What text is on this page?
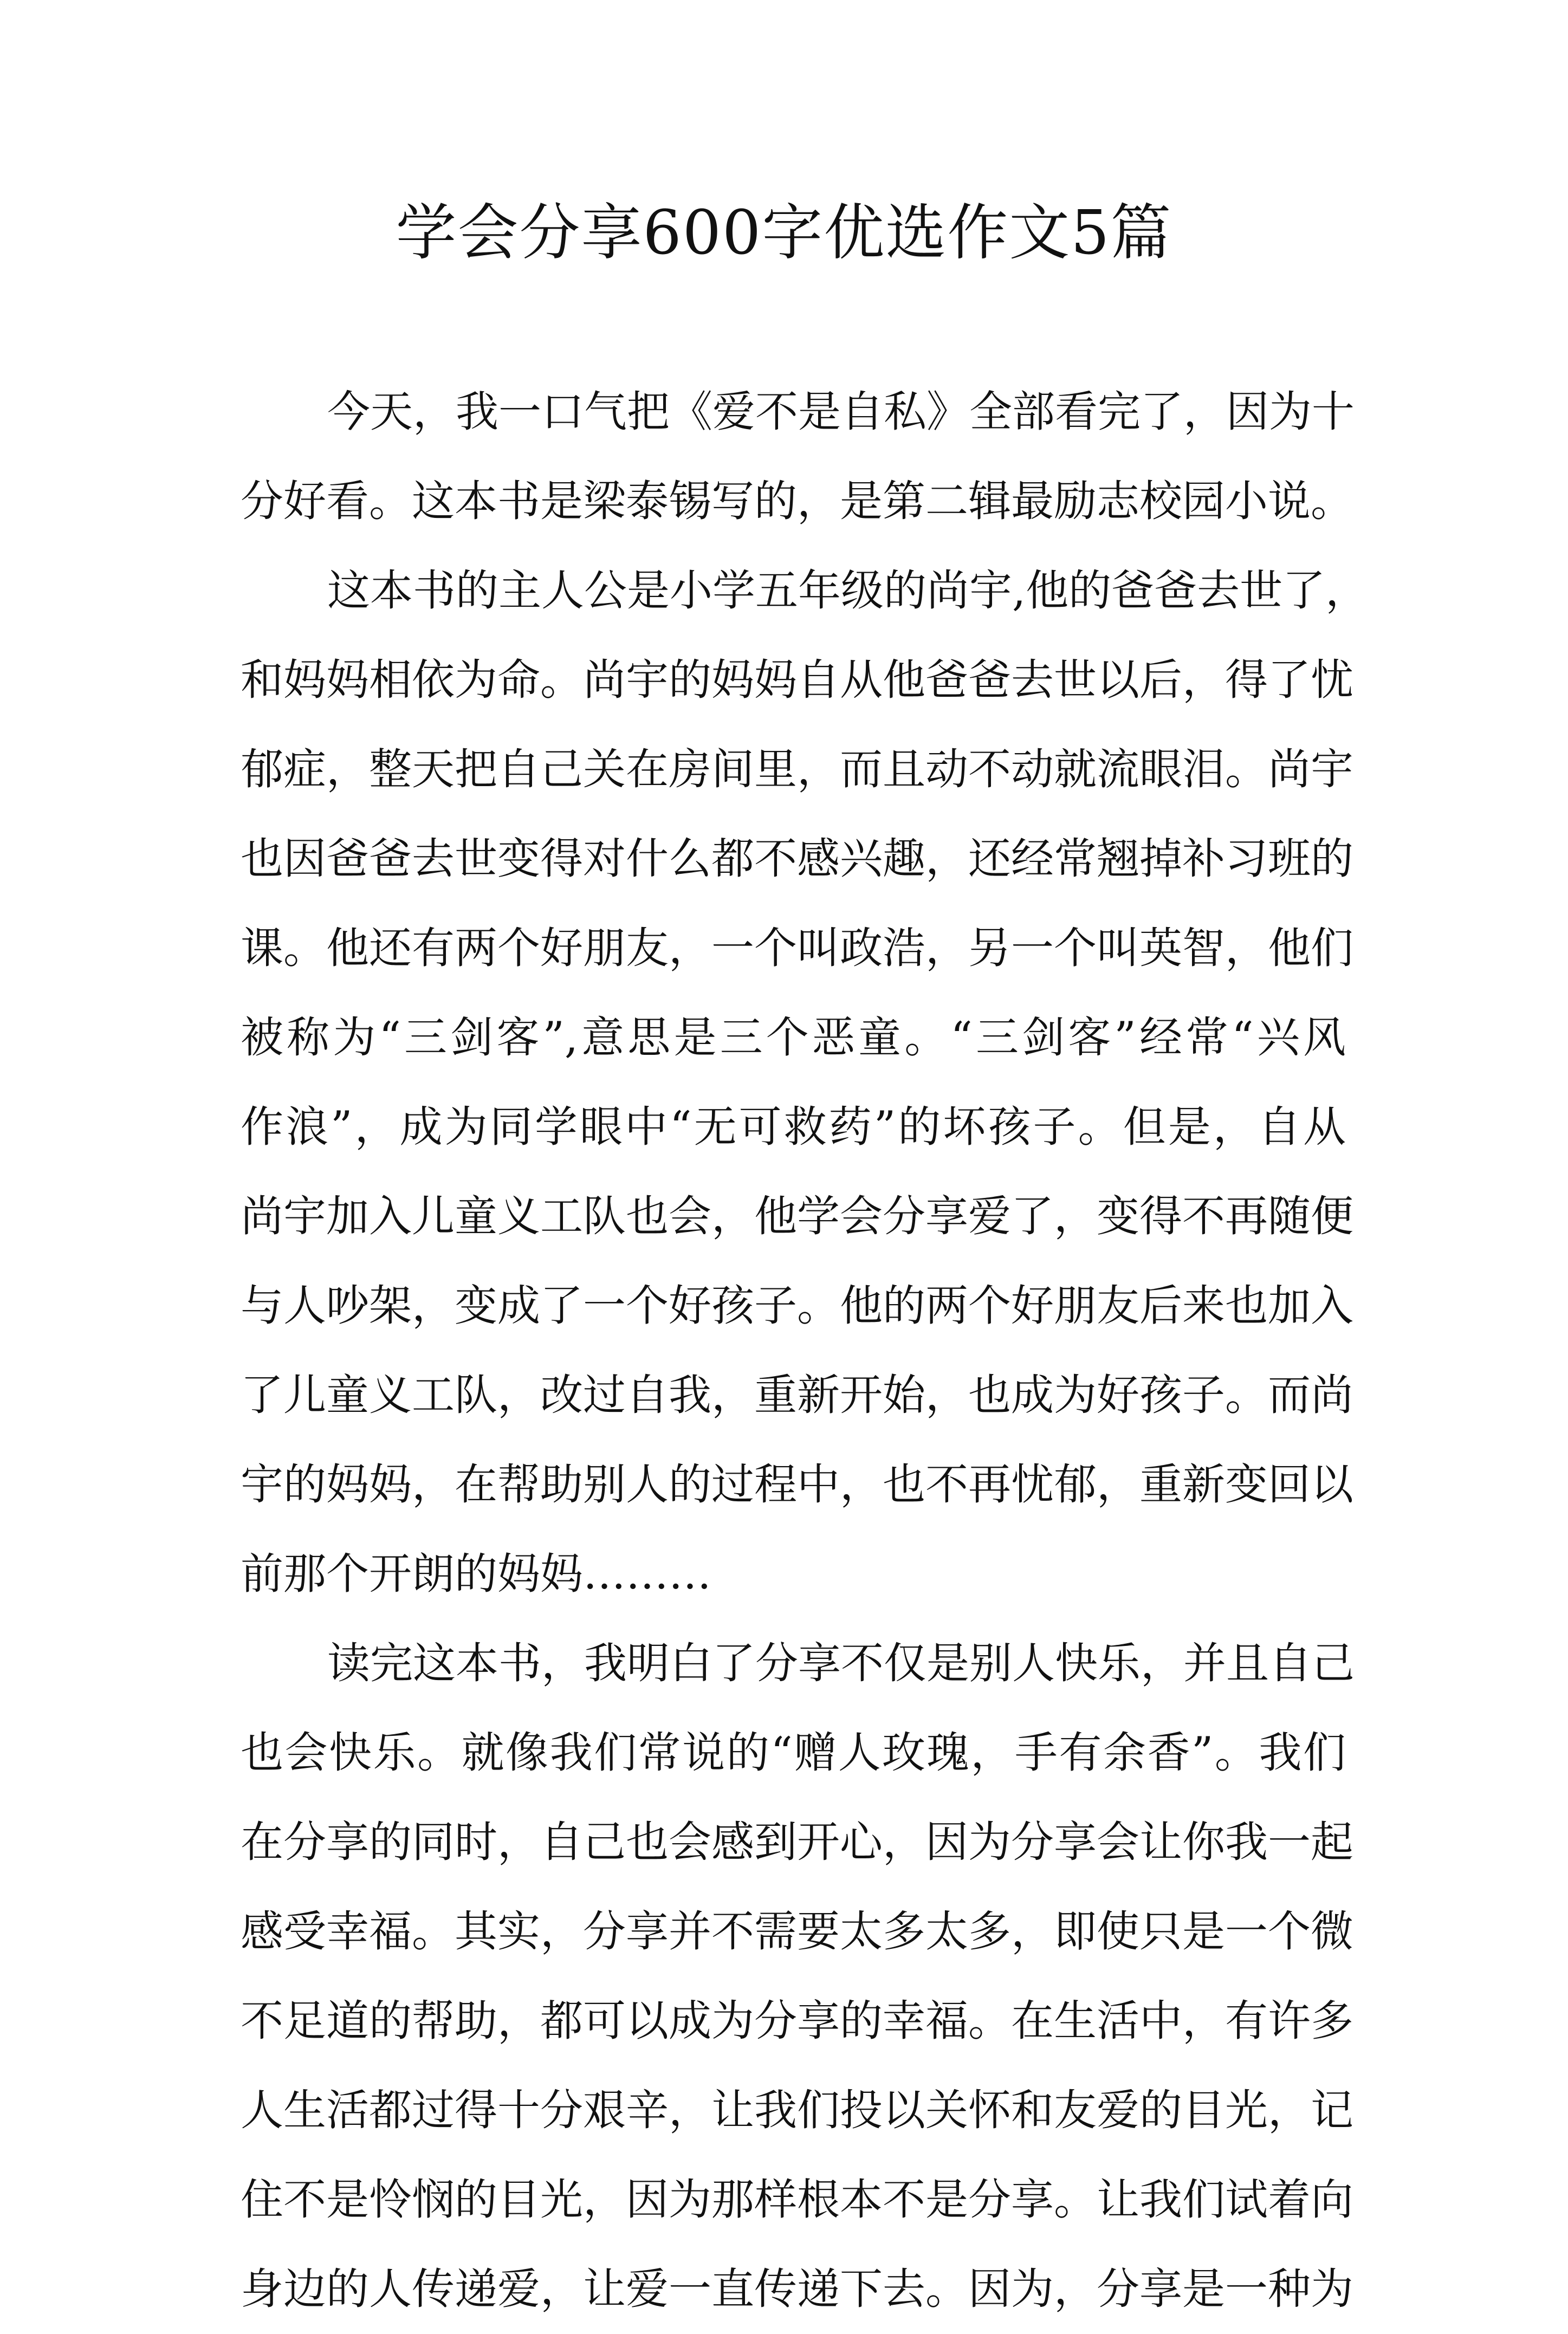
学会分享600字优选作文5篇
今天，我一口气把《爱不是自私》全部看完了，因为十
分好看。这本书是梁泰锡写的，是第二辑最励志校园小说。
这本书的主人公是小学五年级的尚宇,他的爸爸去世了，
和妈妈相依为命。尚宇的妈妈自从他爸爸去世以后，得了忧
郁症，整天把自己关在房间里，而且动不动就流眼泪。尚宇
也因爸爸去世变得对什么都不感兴趣，还经常翘掉补习班的
课。他还有两个好朋友，一个叫政浩，另一个叫英智，他们
被称为“三剑客”,意思是三个恶童。“三剑客”经常“兴风
作浪”，成为同学眼中“无可救药”的坏孩子。但是，自从
尚宇加入儿童义工队也会，他学会分享爱了，变得不再随便
与人吵架，变成了一个好孩子。他的两个好朋友后来也加入
了儿童义工队，改过自我，重新开始，也成为好孩子。而尚
宇的妈妈，在帮助别人的过程中，也不再忧郁，重新变回以
前那个开朗的妈妈………
读完这本书，我明白了分享不仅是别人快乐，并且自己
也会快乐。就像我们常说的“赠人玫瑰，手有余香”。我们
在分享的同时，自己也会感到开心，因为分享会让你我一起
感受幸福。其实，分享并不需要太多太多，即使只是一个微
不足道的帮助，都可以成为分享的幸福。在生活中，有许多
人生活都过得十分艰辛，让我们投以关怀和友爱的目光，记
住不是怜悯的目光，因为那样根本不是分享。让我们试着向
身边的人传递爱，让爱一直传递下去。因为，分享是一种为
